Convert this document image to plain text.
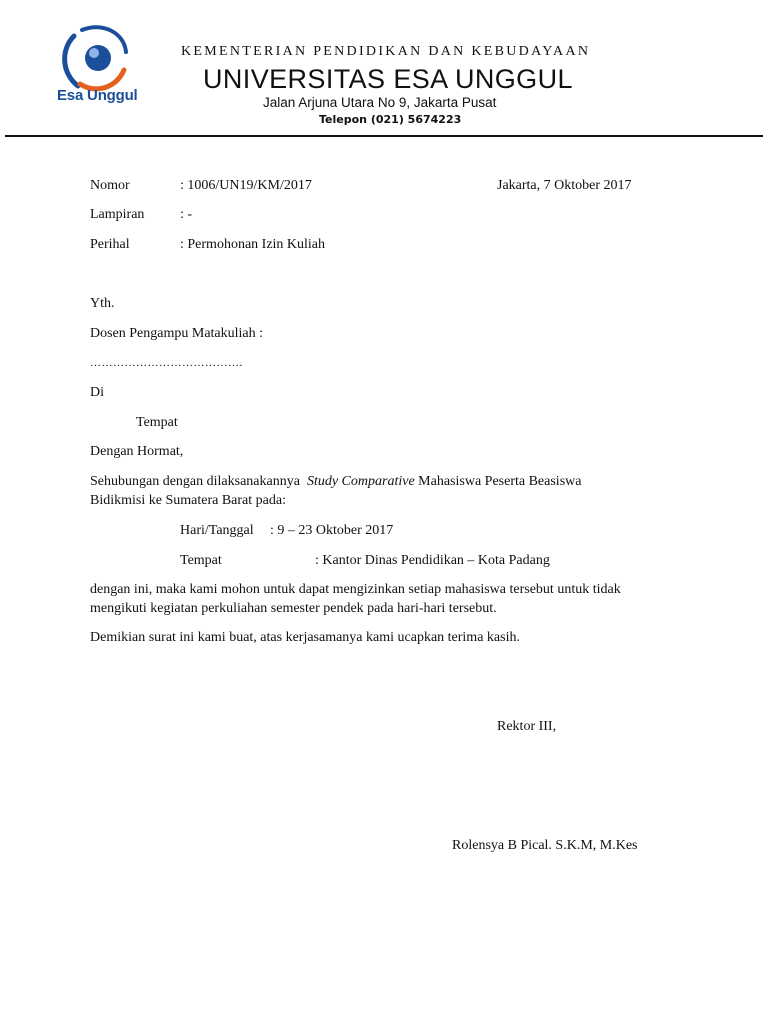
Esa Unggul
KEMENTERIAN PENDIDIKAN DAN KEBUDAYAAN
UNIVERSITAS ESA UNGGUL
Jalan Arjuna Utara No 9, Jakarta Pusat
Telepon (021) 5674223
Nomor	: 1006/UN19/KM/2017	Jakarta, 7 Oktober 2017
Lampiran	: -
Perihal	: Permohonan Izin Kuliah
Yth.
Dosen Pengampu Matakuliah :
………………………………….
Di
Tempat
Dengan Hormat,
Sehubungan dengan dilaksanakannya Study Comparative Mahasiswa Peserta Beasiswa
Bidikmisi ke Sumatera Barat pada:
Hari/Tanggal : 9 – 23 Oktober 2017
Tempat	: Kantor Dinas Pendidikan – Kota Padang
dengan ini, maka kami mohon untuk dapat mengizinkan setiap mahasiswa tersebut untuk tidak
mengikuti kegiatan perkuliahan semester pendek pada hari-hari tersebut.
Demikian surat ini kami buat, atas kerjasamanya kami ucapkan terima kasih.
Rektor III,
Rolensya B Pical. S.K.M, M.Kes
